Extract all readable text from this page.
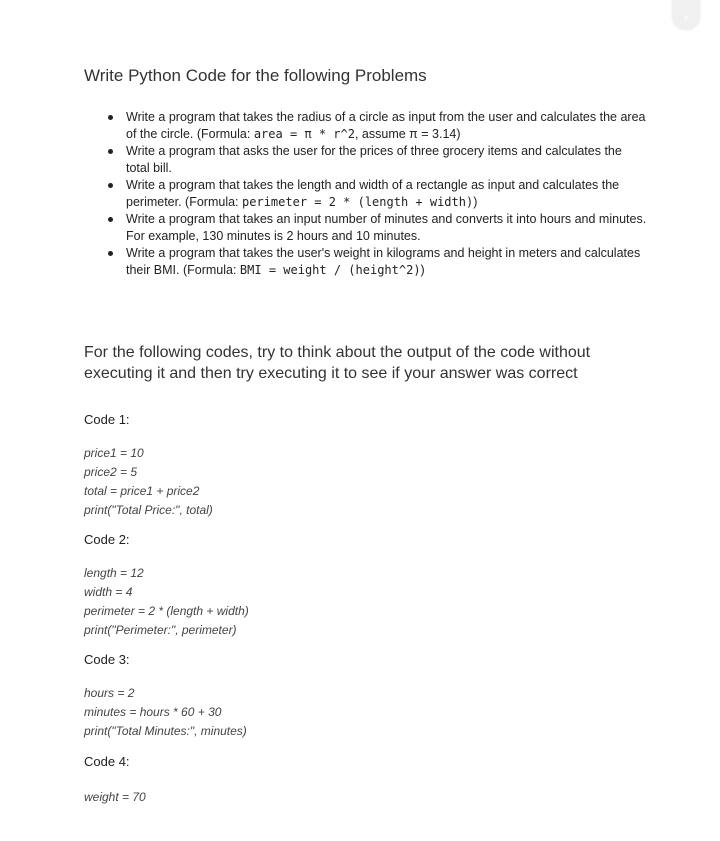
›
Write Python Code for the following Problems
Write a program that takes the radius of a circle as input from the user and calculates the area of the circle. (Formula: area = π * r^2, assume π = 3.14)
Write a program that asks the user for the prices of three grocery items and calculates the total bill.
Write a program that takes the length and width of a rectangle as input and calculates the perimeter. (Formula: perimeter = 2 * (length + width))
Write a program that takes an input number of minutes and converts it into hours and minutes. For example, 130 minutes is 2 hours and 10 minutes.
Write a program that takes the user's weight in kilograms and height in meters and calculates their BMI. (Formula: BMI = weight / (height^2))

For the following codes, try to think about the output of the code without executing it and then try executing it to see if your answer was correct

Code 1:

price1 = 10
price2 = 5
total = price1 + price2
print("Total Price:", total)

Code 2:

length = 12
width = 4
perimeter = 2 * (length + width)
print("Perimeter:", perimeter)

Code 3:

hours = 2
minutes = hours * 60 + 30
print("Total Minutes:", minutes)

Code 4:

weight = 70
